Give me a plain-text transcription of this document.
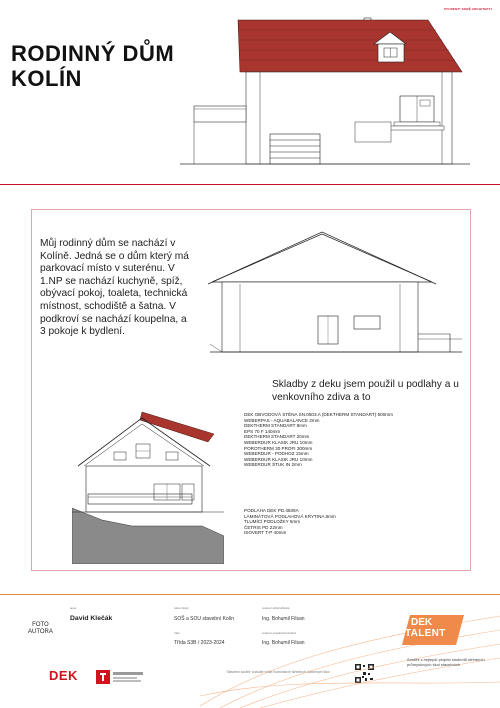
STUDENTI SOBĚ ARCHITEKTI
RODINNÝ DŮM
KOLÍN
Můj rodinný dům se nachází v Kolíně. Jedná se o dům který má parkovací místo v suterénu. V 1.NP se nachází kuchyně, spíž, obývací pokoj, toaleta, technická místnost, schodiště a šatna. V podkroví se nachází koupelna, a 3 pokoje k bydlení.
Skladby z deku jsem použil u podlahy a u venkovního zdiva a to
DEK OBVODOVÁ STĚNA SN.0503.A (DEKTHERM STANDART) 500mm
WEBERPAS - AQUABALANCE 2mm
DEKTHERM STANDART 8mm
EPS 70 F 140mm
DEKTHERM STANDART 20mm
WEBERDUR KLASIK JRU 10mm
POROTHERM 30 PROFI 300mm
WEBERDUR - PODHOZ 15mm
WEBERDUR KLASIK JRU 10mm
WEBERDUR ŠTUK IN 2mm
PODLAHA DEK PD.4509A
LAMINÁTOVÁ PODLAHOVÁ KRYTINA 8mm
TLUMÍCÍ PODLOŽKY 5mm
ČETRIS PD 22mm
ISOVERT T-P 40mm
FOTO
AUTORA
autor
David Klečák
název školy
SOŠ a SOU stavební Kolín
třída
Třída S3B / 2023-2024
vedoucí učitel/učitelka
Ing. Bohumil Filsan
vedoucí projektu/konzultant
Ing. Bohumil Filsan
DEK	Stavební soutěž a studie velké hodnotících středních odborných škol
DEK
TALENT
Soutěž s nejlepší projekt studentů středních průmyslových škol stavebních
